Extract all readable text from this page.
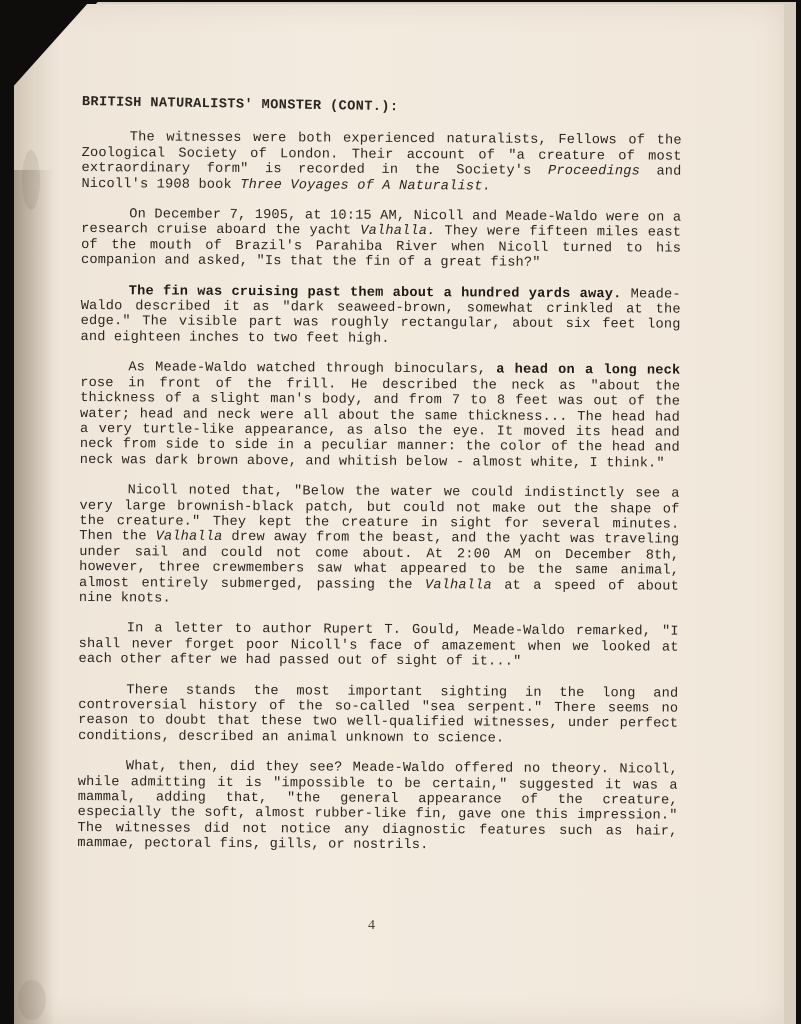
BRITISH NATURALISTS' MONSTER (CONT.):

The witnesses were both experienced naturalists, Fellows of the Zoological Society of London. Their account of "a creature of most extraordinary form" is recorded in the Society's Proceedings and Nicoll's 1908 book Three Voyages of A Naturalist.

On December 7, 1905, at 10:15 AM, Nicoll and Meade-Waldo were on a research cruise aboard the yacht Valhalla. They were fifteen miles east of the mouth of Brazil's Parahiba River when Nicoll turned to his companion and asked, "Is that the fin of a great fish?"

The fin was cruising past them about a hundred yards away. Meade-Waldo described it as "dark seaweed-brown, somewhat crinkled at the edge." The visible part was roughly rectangular, about six feet long and eighteen inches to two feet high.

As Meade-Waldo watched through binoculars, a head on a long neck rose in front of the frill. He described the neck as "about the thickness of a slight man's body, and from 7 to 8 feet was out of the water; head and neck were all about the same thickness... The head had a very turtle-like appearance, as also the eye. It moved its head and neck from side to side in a peculiar manner: the color of the head and neck was dark brown above, and whitish below - almost white, I think."

Nicoll noted that, "Below the water we could indistinctly see a very large brownish-black patch, but could not make out the shape of the creature." They kept the creature in sight for several minutes. Then the Valhalla drew away from the beast, and the yacht was traveling under sail and could not come about. At 2:00 AM on December 8th, however, three crewmembers saw what appeared to be the same animal, almost entirely submerged, passing the Valhalla at a speed of about nine knots.

In a letter to author Rupert T. Gould, Meade-Waldo remarked, "I shall never forget poor Nicoll's face of amazement when we looked at each other after we had passed out of sight of it..."

There stands the most important sighting in the long and controversial history of the so-called "sea serpent." There seems no reason to doubt that these two well-qualified witnesses, under perfect conditions, described an animal unknown to science.

What, then, did they see? Meade-Waldo offered no theory. Nicoll, while admitting it is "impossible to be certain," suggested it was a mammal, adding that, "the general appearance of the creature, especially the soft, almost rubber-like fin, gave one this impression." The witnesses did not notice any diagnostic features such as hair, mammae, pectoral fins, gills, or nostrils.

4
